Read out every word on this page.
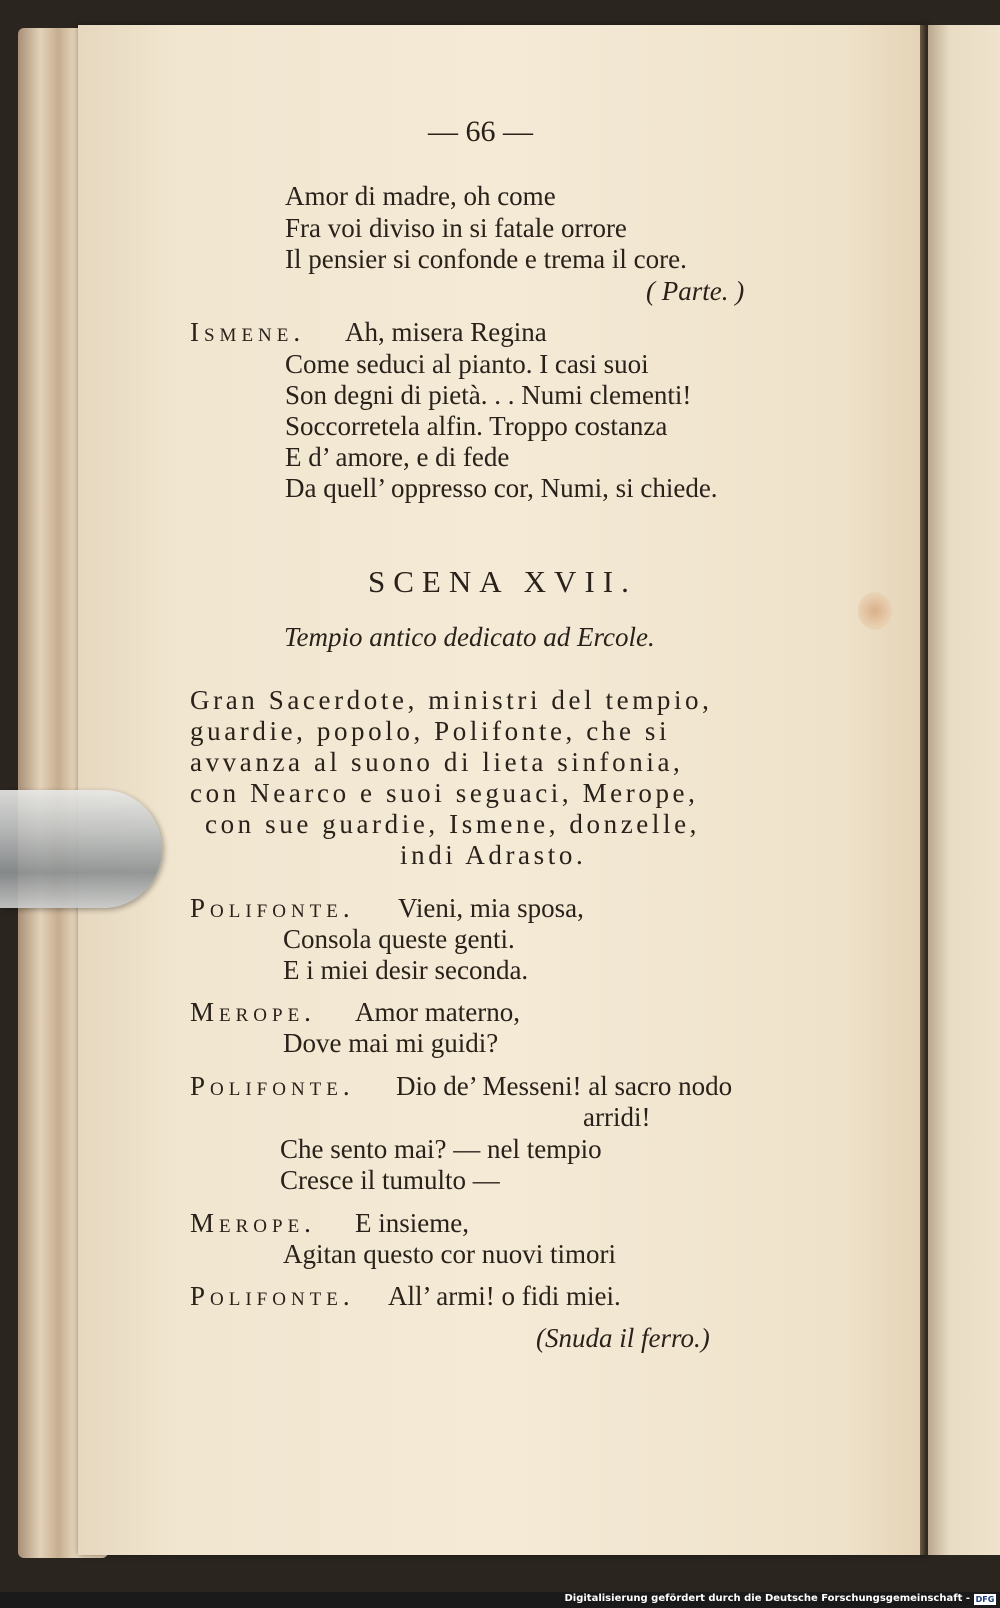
— 66 —
Amor di madre, oh come
Fra voi diviso in si fatale orrore
Il pensier si confonde e trema il core.
( Parte. )
Ismene. Ah, misera Regina
Come seduci al pianto. I casi suoi
Son degni di pietà. . . Numi clementi!
Soccorretela alfin. Troppo costanza
E d’ amore, e di fede
Da quell’ oppresso cor, Numi, si chiede.
SCENA XVII.
Tempio antico dedicato ad Ercole.
Gran Sacerdote, ministri del tempio,
guardie, popolo, Polifonte, che si
avvanza al suono di lieta sinfonia,
con Nearco e suoi seguaci, Merope,
con sue guardie, Ismene, donzelle,
indi Adrasto.
Polifonte. Vieni, mia sposa,
Consola queste genti.
E i miei desir seconda.
Merope. Amor materno,
Dove mai mi guidi?
Polifonte. Dio de’ Messeni! al sacro nodo
arridi!
Che sento mai? — nel tempio
Cresce il tumulto —
Merope. E insieme,
Agitan questo cor nuovi timori
Polifonte. All’ armi! o fidi miei.
(Snuda il ferro.)
Digitalisierung gefördert durch die Deutsche Forschungsgemeinschaft - DFG
